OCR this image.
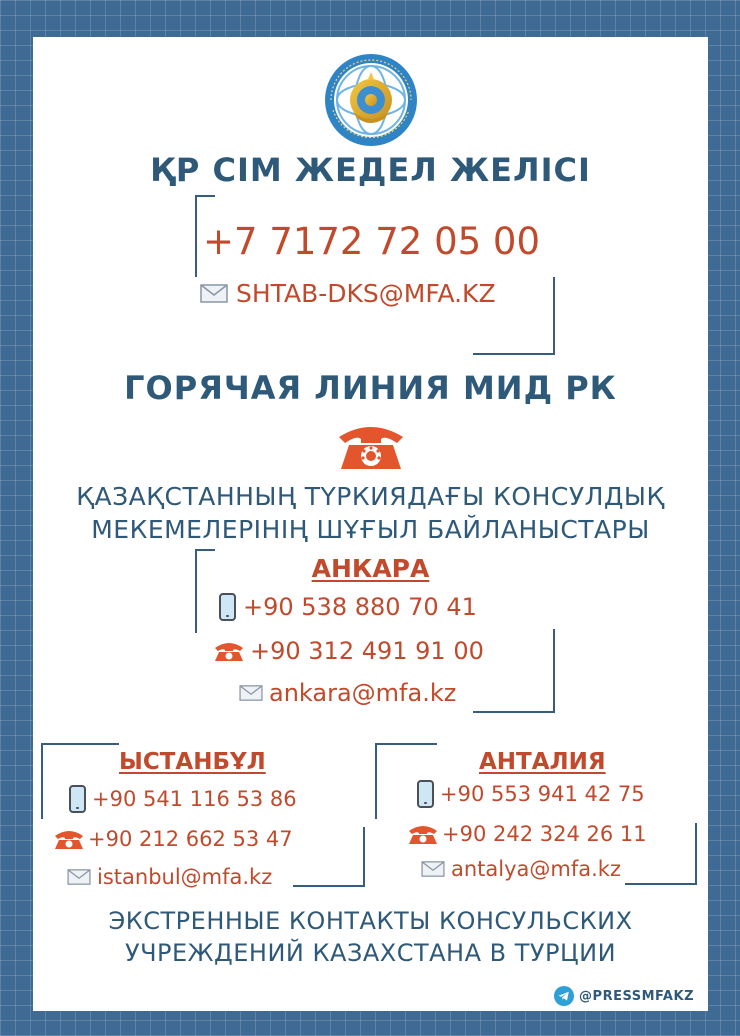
ҚР СІМ ЖЕДЕЛ ЖЕЛІСІ
+7 7172 72 05 00
SHTAB-DKS@MFA.KZ
ГОРЯЧАЯ ЛИНИЯ МИД РК
ҚАЗАҚСТАННЫҢ ТҮРКИЯДАҒЫ КОНСУЛДЫҚ
МЕКЕМЕЛЕРІНІҢ ШҰҒЫЛ БАЙЛАНЫСТАРЫ
АНКАРА
+90 538 880 70 41
+90 312 491 91 00
ankara@mfa.kz
ЫСТАНБҰЛ
+90 541 116 53 86
+90 212 662 53 47
istanbul@mfa.kz
АНТАЛИЯ
+90 553 941 42 75
+90 242 324 26 11
antalya@mfa.kz
ЭКСТРЕННЫЕ КОНТАКТЫ КОНСУЛЬСКИХ
УЧРЕЖДЕНИЙ КАЗАХСТАНА В ТУРЦИИ
@PRESSMFAKZ
